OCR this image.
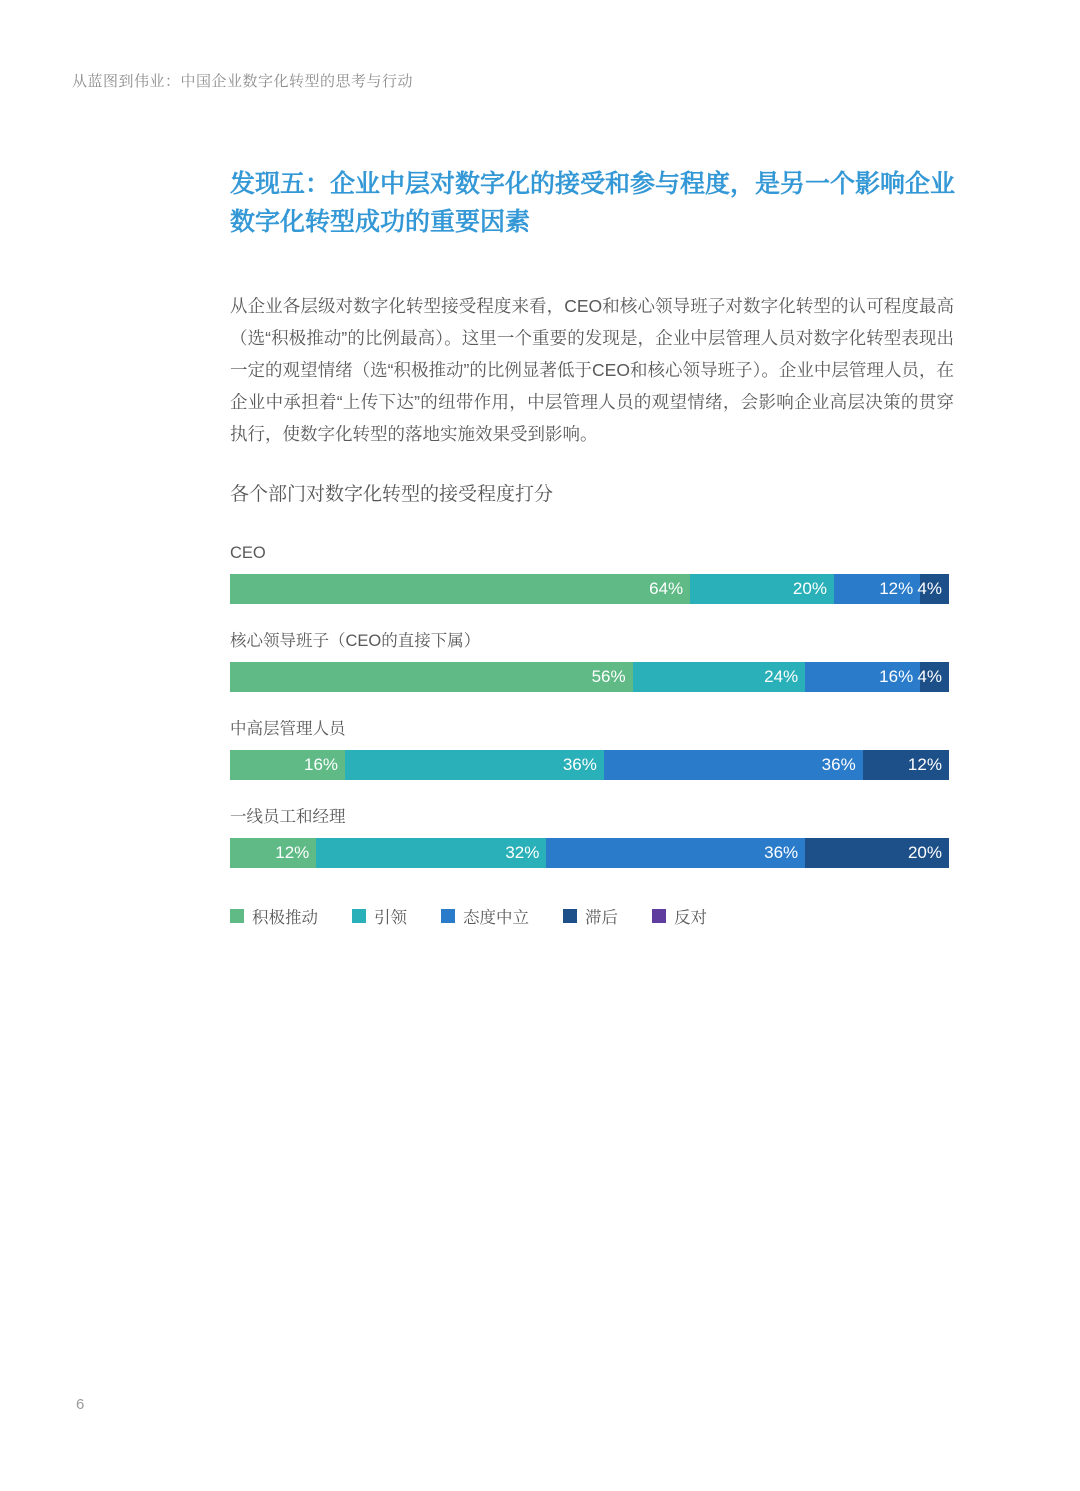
从蓝图到伟业：中国企业数字化转型的思考与行动
发现五：企业中层对数字化的接受和参与程度，是另一个影响企业数字化转型成功的重要因素

从企业各层级对数字化转型接受程度来看，CEO和核心领导班子对数字化转型的认可程度最高（选“积极推动”的比例最高）。这里一个重要的发现是，企业中层管理人员对数字化转型表现出一定的观望情绪（选“积极推动”的比例显著低于CEO和核心领导班子）。企业中层管理人员，在企业中承担着“上传下达”的纽带作用，中层管理人员的观望情绪，会影响企业高层决策的贯穿执行，使数字化转型的落地实施效果受到影响。

各个部门对数字化转型的接受程度打分
CEO
64%	20%	12% 4%
核心领导班子（CEO的直接下属）
56%	24%	16% 4%
中高层管理人员
16%	36%	36%	12%
一线员工和经理
12%	32%	36%	20%
积极推动	引领	态度中立	滞后	反对
6
